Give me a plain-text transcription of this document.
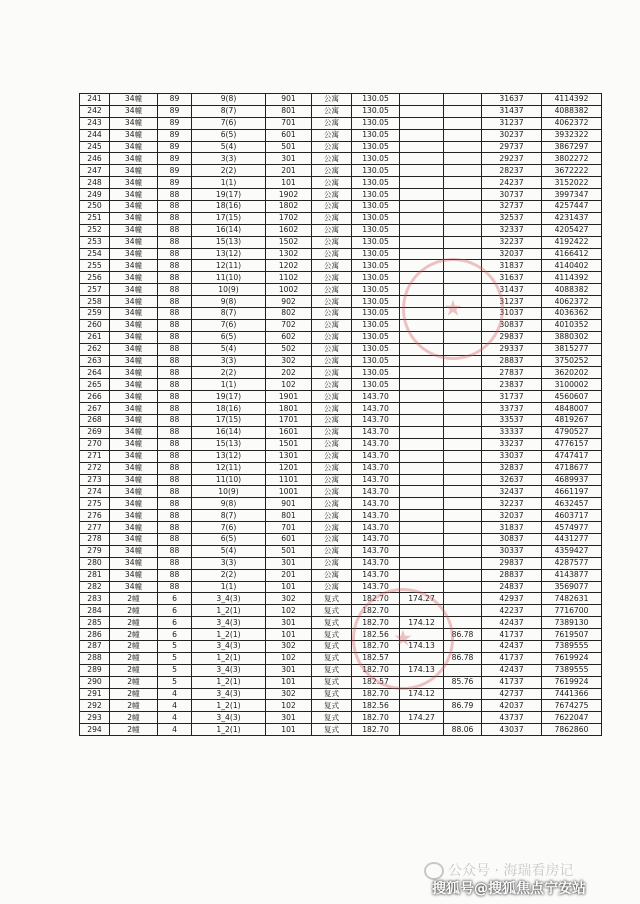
241	34幢	89	9(8)	901	公寓	130.05			31637	4114392
242	34幢	89	8(7)	801	公寓	130.05			31437	4088382
243	34幢	89	7(6)	701	公寓	130.05			31237	4062372
244	34幢	89	6(5)	601	公寓	130.05			30237	3932322
245	34幢	89	5(4)	501	公寓	130.05			29737	3867297
246	34幢	89	3(3)	301	公寓	130.05			29237	3802272
247	34幢	89	2(2)	201	公寓	130.05			28237	3672222
248	34幢	89	1(1)	101	公寓	130.05			24237	3152022
249	34幢	88	19(17)	1902	公寓	130.05			30737	3997347
250	34幢	88	18(16)	1802	公寓	130.05			32737	4257447
251	34幢	88	17(15)	1702	公寓	130.05			32537	4231437
252	34幢	88	16(14)	1602	公寓	130.05			32337	4205427
253	34幢	88	15(13)	1502	公寓	130.05			32237	4192422
254	34幢	88	13(12)	1302	公寓	130.05			32037	4166412
255	34幢	88	12(11)	1202	公寓	130.05			31837	4140402
256	34幢	88	11(10)	1102	公寓	130.05			31637	4114392
257	34幢	88	10(9)	1002	公寓	130.05			31437	4088382
258	34幢	88	9(8)	902	公寓	130.05			31237	4062372
259	34幢	88	8(7)	802	公寓	130.05			31037	4036362
260	34幢	88	7(6)	702	公寓	130.05			30837	4010352
261	34幢	88	6(5)	602	公寓	130.05			29837	3880302
262	34幢	88	5(4)	502	公寓	130.05			29337	3815277
263	34幢	88	3(3)	302	公寓	130.05			28837	3750252
264	34幢	88	2(2)	202	公寓	130.05			27837	3620202
265	34幢	88	1(1)	102	公寓	130.05			23837	3100002
266	34幢	88	19(17)	1901	公寓	143.70			31737	4560607
267	34幢	88	18(16)	1801	公寓	143.70			33737	4848007
268	34幢	88	17(15)	1701	公寓	143.70			33537	4819267
269	34幢	88	16(14)	1601	公寓	143.70			33337	4790527
270	34幢	88	15(13)	1501	公寓	143.70			33237	4776157
271	34幢	88	13(12)	1301	公寓	143.70			33037	4747417
272	34幢	88	12(11)	1201	公寓	143.70			32837	4718677
273	34幢	88	11(10)	1101	公寓	143.70			32637	4689937
274	34幢	88	10(9)	1001	公寓	143.70			32437	4661197
275	34幢	88	9(8)	901	公寓	143.70			32237	4632457
276	34幢	88	8(7)	801	公寓	143.70			32037	4603717
277	34幢	88	7(6)	701	公寓	143.70			31837	4574977
278	34幢	88	6(5)	601	公寓	143.70			30837	4431277
279	34幢	88	5(4)	501	公寓	143.70			30337	4359427
280	34幢	88	3(3)	301	公寓	143.70			29837	4287577
281	34幢	88	2(2)	201	公寓	143.70			28837	4143877
282	34幢	88	1(1)	101	公寓	143.70			24837	3569077
283	2幢	6	3_4(3)	302	复式	182.70	174.27		42937	7482631
284	2幢	6	1_2(1)	102	复式	182.70			42237	7716700
285	2幢	6	3_4(3)	301	复式	182.70	174.12		42437	7389130
286	2幢	6	1_2(1)	101	复式	182.56		86.78	41737	7619507
287	2幢	5	3_4(3)	302	复式	182.70	174.13		42437	7389555
288	2幢	5	1_2(1)	102	复式	182.57		86.78	41737	7619924
289	2幢	5	3_4(3)	301	复式	182.70	174.13		42437	7389555
290	2幢	5	1_2(1)	101	复式	182.57		85.76	41737	7619924
291	2幢	4	3_4(3)	302	复式	182.70	174.12		42737	7441366
292	2幢	4	1_2(1)	102	复式	182.56		86.79	42037	7674275
293	2幢	4	3_4(3)	301	复式	182.70	174.27		43737	7622047
294	2幢	4	1_2(1)	101	复式	182.70		88.06	43037	7862860
★
★
公众号 · 海瑞看房记
搜狐号@搜狐焦点宁安站
